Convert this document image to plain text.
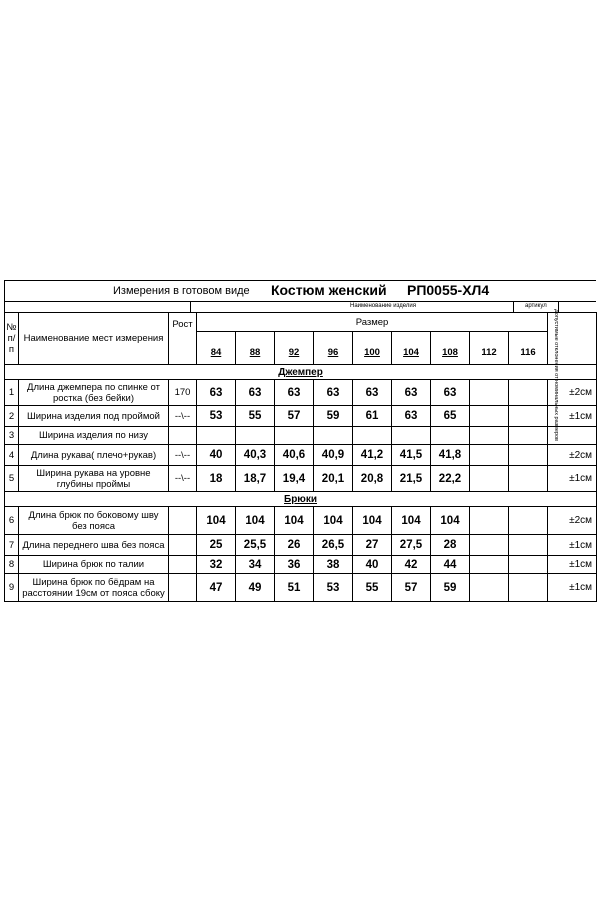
Измерения в готовом виде Костюм женский РП0055-ХЛ4
Наименование изделия	артикул
№ п/ п	Наименование мест измерения	Рост	Размер									Допустимые отклонения от номинальных размеров

			84	88	92	96	100	104	108	112	116	
Джемпер												
1	Длина джемпера по спинке от ростка (без бейки)	170	63	63	63	63	63	63	63			±2см
2	Ширина изделия под проймой	--\--	53	55	57	59	61	63	65			±1см
3	Ширина изделия по низу											
4	Длина рукава( плечо+рукав)	--\--	40	40,3	40,6	40,9	41,2	41,5	41,8			±2см
5	Ширина рукава на уровне глубины проймы	--\--	18	18,7	19,4	20,1	20,8	21,5	22,2			±1см
Брюки												
6	Длина брюк по боковому шву без пояса		104	104	104	104	104	104	104			±2см
7	Длина переднего шва без пояса		25	25,5	26	26,5	27	27,5	28			±1см
8	Ширина брюк по талии		32	34	36	38	40	42	44			±1см
9	Ширина брюк по бёдрам на расстоянии 19см от пояса сбоку		47	49	51	53	55	57	59			±1см
